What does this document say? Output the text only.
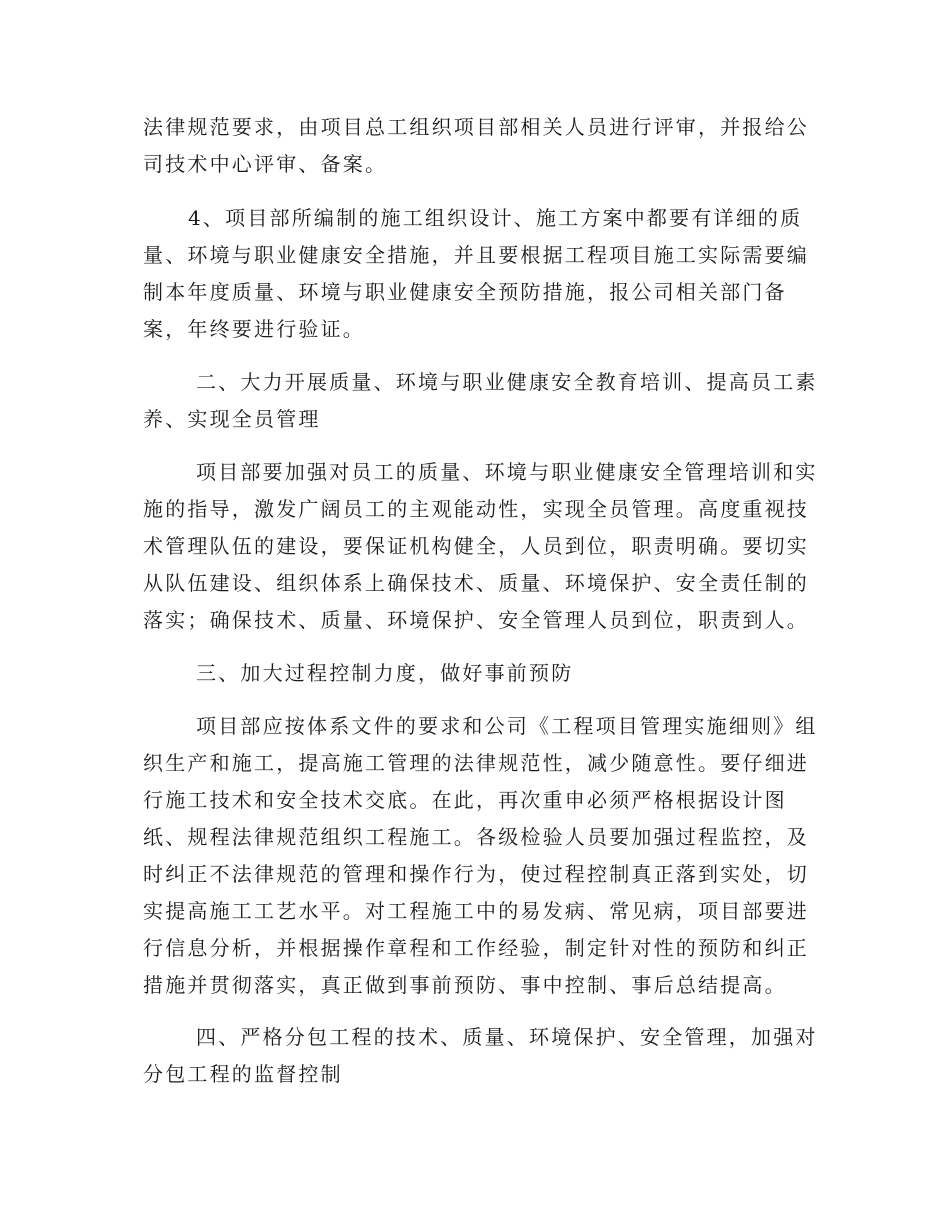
法律规范要求，由项目总工组织项目部相关人员进行评审，并报给公
司技术中心评审、备案。
4、项目部所编制的施工组织设计、施工方案中都要有详细的质
量、环境与职业健康安全措施，并且要根据工程项目施工实际需要编
制本年度质量、环境与职业健康安全预防措施，报公司相关部门备
案，年终要进行验证。
二、大力开展质量、环境与职业健康安全教育培训、提高员工素
养、实现全员管理
项目部要加强对员工的质量、环境与职业健康安全管理培训和实
施的指导，激发广阔员工的主观能动性，实现全员管理。高度重视技
术管理队伍的建设，要保证机构健全，人员到位，职责明确。要切实
从队伍建设、组织体系上确保技术、质量、环境保护、安全责任制的
落实；确保技术、质量、环境保护、安全管理人员到位，职责到人。
三、加大过程控制力度，做好事前预防
项目部应按体系文件的要求和公司《工程项目管理实施细则》组
织生产和施工，提高施工管理的法律规范性，减少随意性。要仔细进
行施工技术和安全技术交底。在此，再次重申必须严格根据设计图
纸、规程法律规范组织工程施工。各级检验人员要加强过程监控，及
时纠正不法律规范的管理和操作行为，使过程控制真正落到实处，切
实提高施工工艺水平。对工程施工中的易发病、常见病，项目部要进
行信息分析，并根据操作章程和工作经验，制定针对性的预防和纠正
措施并贯彻落实，真正做到事前预防、事中控制、事后总结提高。
四、严格分包工程的技术、质量、环境保护、安全管理，加强对
分包工程的监督控制
